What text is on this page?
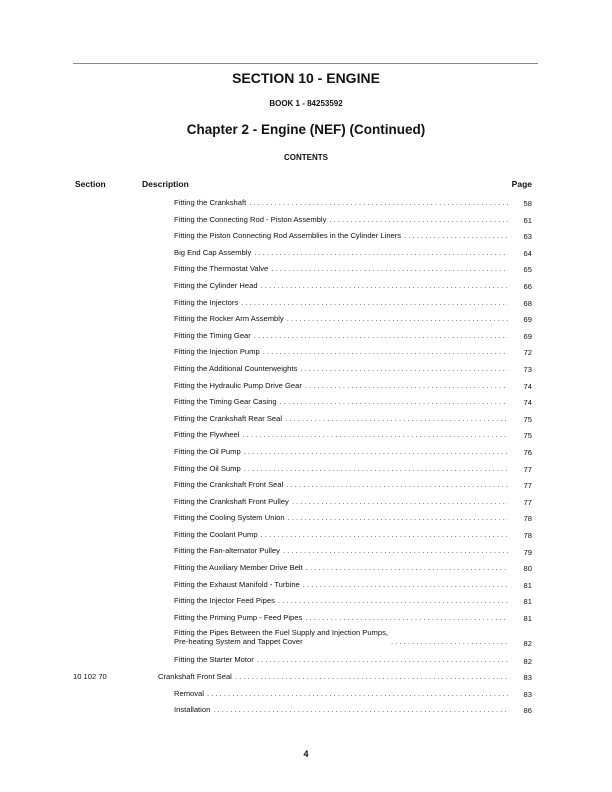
SECTION 10 - ENGINE
BOOK 1 - 84253592
Chapter 2 - Engine (NEF) (Continued)
CONTENTS
Section	Description	Page
Fitting the Crankshaft . . .	58
Fitting the Connecting Rod - Piston Assembly . . .	61
Fitting the Piston Connecting Rod Assemblies in the Cylinder Liners . . .	63
Big End Cap Assembly . . .	64
Fitting the Thermostat Valve . . .	65
Fitting the Cylinder Head . . .	66
Fitting the Injectors . . .	68
Fitting the Rocker Arm Assembly . . .	69
Fitting the Timing Gear . . .	69
Fitting the Injection Pump . . .	72
Fitting the Additional Counterweights . . .	73
Fitting the Hydraulic Pump Drive Gear . . .	74
Fitting the Timing Gear Casing . . .	74
Fitting the Crankshaft Rear Seal . . .	75
Fitting the Flywheel . . .	75
Fitting the Oil Pump . . .	76
Fitting the Oil Sump . . .	77
Fitting the Crankshaft Front Seal . . .	77
Fitting the Crankshaft Front Pulley . . .	77
Fitting the Cooling System Union . . .	78
Fitting the Coolant Pump . . .	78
Fitting the Fan-alternator Pulley . . .	79
Fitting the Auxiliary Member Drive Belt . . .	80
Fitting the Exhaust Manifold - Turbine . . .	81
Fitting the Injector Feed Pipes . . .	81
Fitting the Priming Pump - Feed Pipes . . .	81
Fitting the Pipes Between the Fuel Supply and Injection Pumps,
Pre-heating System and Tappet Cover . . .	82
Fitting the Starter Motor . . .	82
10 102 70	Crankshaft Front Seal . . .	83
Removal . . .	83
Installation . . .	86
4
